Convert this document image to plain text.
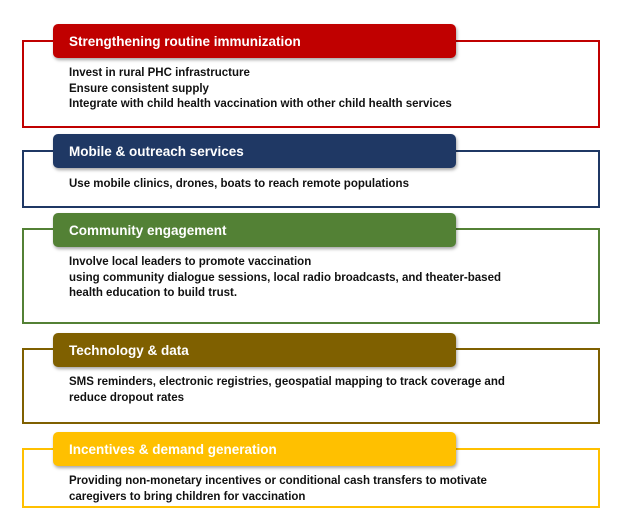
Strengthening routine immunization
Invest in rural PHC infrastructure
Ensure consistent supply
Integrate with child health vaccination with other child health services
Mobile & outreach services
Use mobile clinics, drones, boats to reach remote populations
Community engagement
Involve local leaders to promote vaccination
using community dialogue sessions, local radio broadcasts, and theater-based
health education to build trust.
Technology & data
SMS reminders, electronic registries, geospatial mapping to track coverage and
reduce dropout rates
Incentives & demand generation
Providing non-monetary incentives or conditional cash transfers to motivate
caregivers to bring children for vaccination
